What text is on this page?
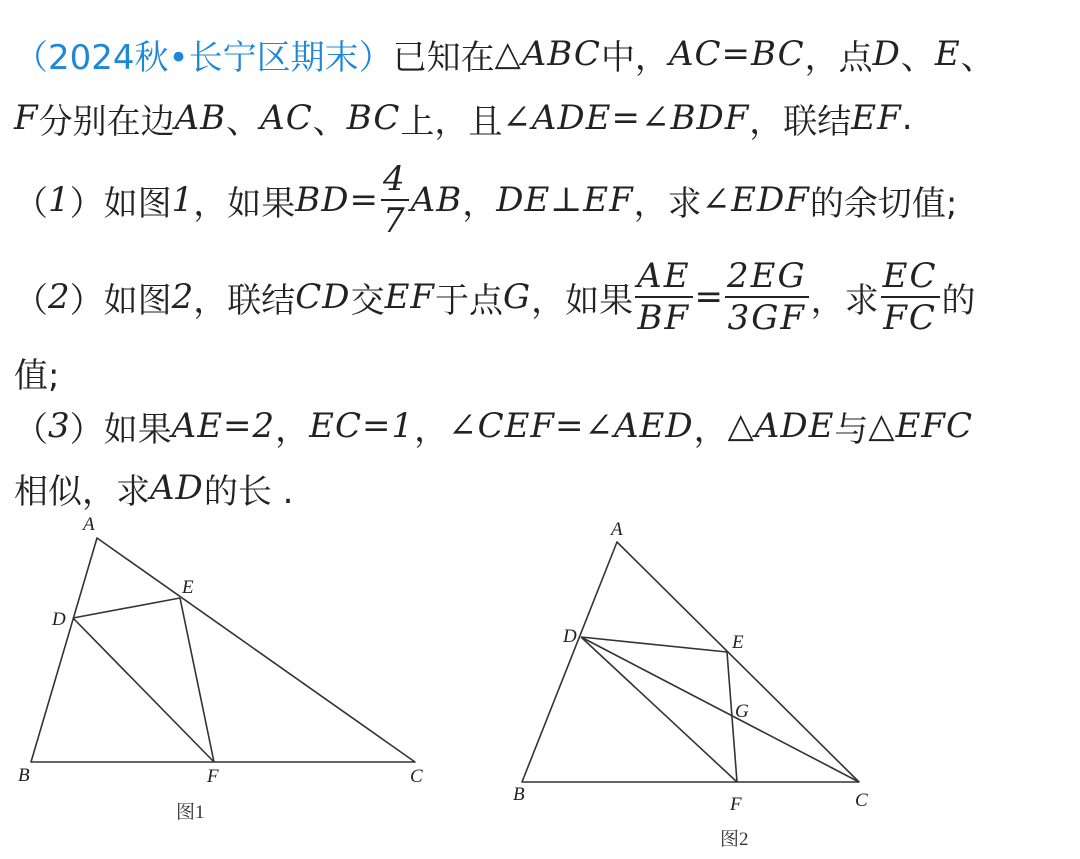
（2024秋•长宁区期末） 已知在 △ABC 中， AC=BC ，点 D 、 E 、
F 分别在边 AB 、 AC 、 BC 上，且 ∠ADE=∠BDF ，联结 EF .
（ 1 ）如图 1 ，如果 $BD= \frac{4}{7}$ AB ， DE⊥EF ，求 ∠EDF 的余切值;
（ 2 ）如图 2 ，联结 CD 交 EF 于点 G ，如果 $\frac{AE}{BF} = \frac{2EG}{3GF}$ ，求 $\frac{EC}{FC}$ 的
值;
（ 3 ）如果 AE=2 ， EC=1 ， ∠CEF=∠AED ， △ADE 与 △EFC
相似，求 AD 的长 .
A
D
E
B	F	C
图1
A
D	E
G
B	F	C
图2
